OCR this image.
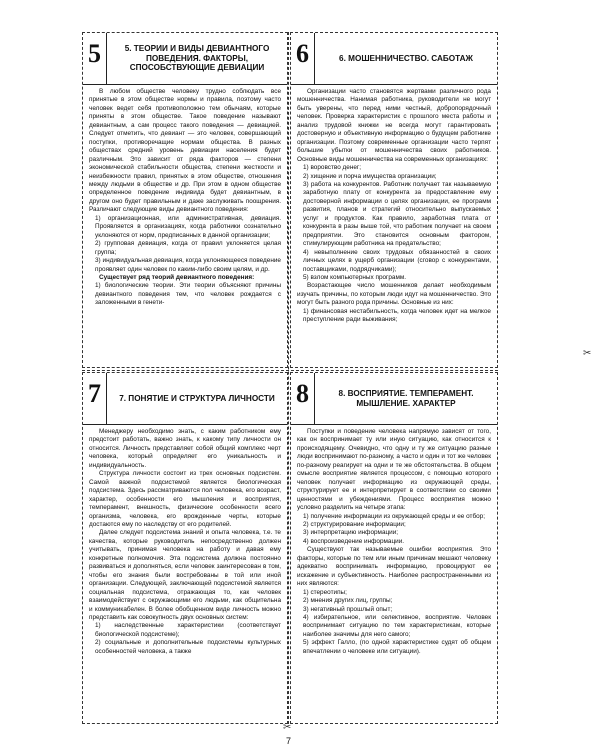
✂
✂
5	5. ТЕОРИИ И ВИДЫ ДЕВИАНТНОГО ПОВЕДЕНИЯ. ФАКТОРЫ, СПОСОБСТВУЮЩИЕ ДЕВИАЦИИ

В любом обществе человеку трудно соблюдать все принятые в этом обществе нормы и правила, поэтому часто человек ведет себя противоположно тем обычаям, которые приняты в этом обществе. Такое поведение называют девиантным, а сам процесс такого поведения — девиацией. Следует отметить, что девиант — это человек, совершающий поступки, противоречащие нормам общества. В разных обществах средний уровень девиации населения будет различным. Это зависит от ряда факторов — степени экономической стабильности общества, степени жесткости и неизбежности правил, принятых в этом обществе, отношения между людьми в обществе и др. При этом в одном обществе определенное поведение индивида будет девиантным, в другом оно будет правильным и даже заслуживать поощрения. Различают следующие виды девиантного поведения:

1) организационная, или административная, девиация. Проявляется в организациях, когда работники сознательно уклоняются от норм, предписанных в данной организации;

2) групповая девиация, когда от правил уклоняется целая группа;

3) индивидуальная девиация, когда уклоняющееся поведение проявляет один человек по каким-либо своим целям, и др.

Существует ряд теорий девиантного поведения:

1) биологические теории. Эти теории объясняют причины девиантного поведения тем, что человек рождается с заложенными в генети-

6	6. МОШЕННИЧЕСТВО. САБОТАЖ

Организации часто становятся жертвами различного рода мошенничества. Нанимая работника, руководители не могут быть уверены, что перед ними честный, добропорядочный человек. Проверка характеристик с прошлого места работы и анализ трудовой книжки не всегда могут гарантировать достоверную и объективную информацию о будущем работнике организации. Поэтому современные организации часто терпят большие убытки от мошенничества своих работников. Основные виды мошенничества на современных организациях:

1) воровство денег;

2) хищение и порча имущества организации;

3) работа на конкурентов. Работник получает так называемую заработную плату от конкурента за предоставление ему достоверной информации о целях организации, ее программ развития, планов и стратегий относительно выпускаемых услуг и продуктов. Как правило, заработная плата от конкурента в разы выше той, что работник получает на своем предприятии. Это становится основным фактором, стимулирующим работника на предательство;

4) невыполнение своих трудовых обязанностей в своих личных целях в ущерб организации (сговор с конкурентами, поставщиками, подрядчиками);

5) взлом компьютерных программ.

Возрастающее число мошенников делает необходимым изучать причины, по которым люди идут на мошенничество. Это могут быть разного рода причины. Основные из них:

1) финансовая нестабильность, когда человек идет на мелкое преступление ради выживания;

7	7. ПОНЯТИЕ И СТРУКТУРА ЛИЧНОСТИ

Менеджеру необходимо знать, с каким работником ему предстоит работать, важно знать, к какому типу личности он относится. Личность представляет собой общий комплекс черт человека, который определяет его уникальность и индивидуальность.

Структура личности состоит из трех основных подсистем. Самой важной подсистемой является биологическая подсистема. Здесь рассматриваются пол человека, его возраст, характер, особенности его мышления и восприятия, темперамент, внешность, физические особенности всего организма, человека, его врожденные черты, которые достаются ему по наследству от его родителей.

Далее следует подсистема знаний и опыта человека, т.е. те качества, которые руководитель непосредственно должен учитывать, принимая человека на работу и давая ему конкретные полномочия. Эта подсистема должна постоянно развиваться и дополняться, если человек заинтересован в том, чтобы его знания были востребованы в той или иной организации. Следующей, заключающей подсистемой является социальная подсистема, отражающая то, как человек взаимодействует с окружающими его людьми, как общительна и коммуникабелен. В более обобщенном виде личность можно представить как совокупность двух основных систем:

1) наследственные характеристики (соответствует биологической подсистеме);

2) социальные и дополнительные подсистемы культурных особенностей человека, а также

8	8. ВОСПРИЯТИЕ. ТЕМПЕРАМЕНТ. МЫШЛЕНИЕ. ХАРАКТЕР

Поступки и поведение человека напрямую зависят от того, как он воспринимает ту или иную ситуацию, как относится к происходящему. Очевидно, что одну и ту же ситуацию разные люди воспринимают по-разному, а часто и один и тот же человек по-разному реагирует на одни и те же обстоятельства. В общем смысле восприятие является процессом, с помощью которого человек получает информацию из окружающей среды, структурирует ее и интерпретирует в соответствии со своими ценностями и убеждениями. Процесс восприятия можно условно разделить на четыре этапа:

1) получение информации из окружающей среды и ее отбор;

2) структурирование информации;

3) интерпретацию информации;

4) воспроизведение информации.

Существуют так называемые ошибки восприятия. Это факторы, которые по тем или иным причинам мешают человеку адекватно воспринимать информацию, провоцируют ее искажение и субъективность. Наиболее распространенными из них являются:

1) стереотипы;

2) мнения других лиц, группы;

3) негативный прошлый опыт;

4) избирательное, или селективное, восприятие. Человек воспринимает ситуацию по тем характеристикам, которые наиболее значимы для него самого;

5) эффект Галло, (по одной характеристике судят об общем впечатлении о человеке или ситуации).

7
